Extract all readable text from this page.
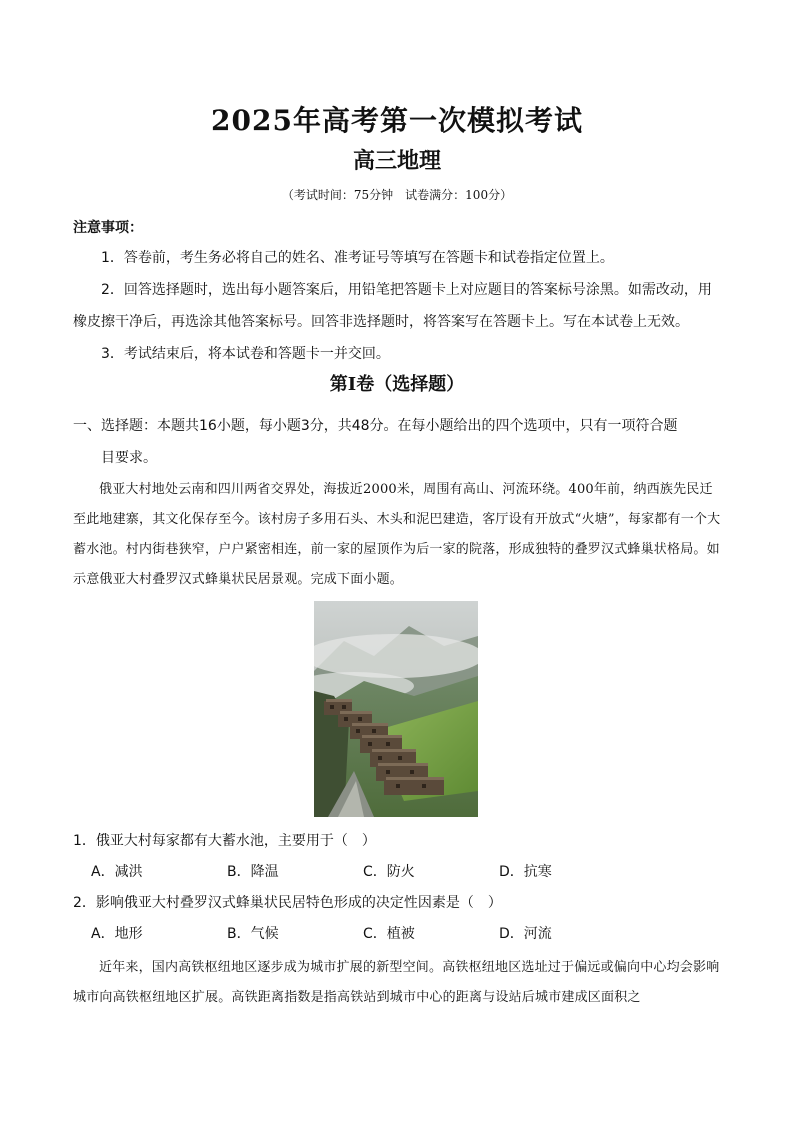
2025年高考第一次模拟考试
高三地理
（考试时间：75分钟　试卷满分：100分）
注意事项：
1．答卷前，考生务必将自己的姓名、准考证号等填写在答题卡和试卷指定位置上。
2．回答选择题时，选出每小题答案后，用铅笔把答题卡上对应题目的答案标号涂黑。如需改动，用橡皮擦干净后，再选涂其他答案标号。回答非选择题时，将答案写在答题卡上。写在本试卷上无效。
3．考试结束后，将本试卷和答题卡一并交回。
第Ⅰ卷（选择题）
一、选择题：本题共16小题，每小题3分，共48分。在每小题给出的四个选项中，只有一项符合题
目要求。
俄亚大村地处云南和四川两省交界处，海拔近2000米，周围有高山、河流环绕。400年前，纳西族先民迁至此地建寨，其文化保存至今。该村房子多用石头、木头和泥巴建造，客厅设有开放式“火塘”，每家都有一个大蓄水池。村内街巷狭窄，户户紧密相连，前一家的屋顶作为后一家的院落，形成独特的叠罗汉式蜂巢状格局。如示意俄亚大村叠罗汉式蜂巢状民居景观。完成下面小题。
1．俄亚大村每家都有大蓄水池，主要用于（　）
A．减洪	B．降温	C．防火	D．抗寒
2．影响俄亚大村叠罗汉式蜂巢状民居特色形成的决定性因素是（　）
A．地形	B．气候	C．植被	D．河流
近年来，国内高铁枢纽地区逐步成为城市扩展的新型空间。高铁枢纽地区选址过于偏远或偏向中心均会影响城市向高铁枢纽地区扩展。高铁距离指数是指高铁站到城市中心的距离与设站后城市建成区面积之
